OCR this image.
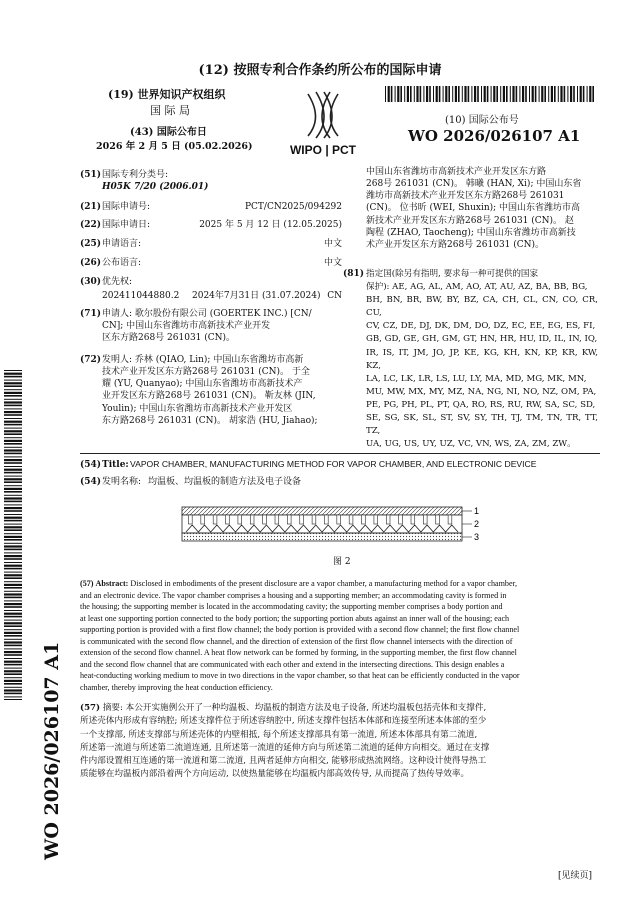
(12) 按照专利合作条约所公布的国际申请
(19) 世界知识产权组织
国 际 局
(43) 国际公布日
2026 年 2 月 5 日 (05.02.2026)	WIPO | PCT
(10) 国际公布号
WO 2026/026107 A1
WO 2026/026107 A1
(51) 国际专利分类号:
H05K 7/20 (2006.01)
(21) 国际申请号:	PCT/CN2025/094292
(22) 国际申请日:	2025 年 5 月 12 日 (12.05.2025)
(25) 申请语言:	中文
(26) 公布语言:	中文
(30) 优先权:
202411044880.2 2024年7月31日 (31.07.2024) CN
(71) 申请人: 歌尔股份有限公司 (GOERTEK INC.) [CN/
CN]; 中国山东省潍坊市高新技术产业开发
区东方路268号 261031 (CN)。
(72) 发明人: 乔林 (QIAO, Lin); 中国山东省潍坊市高新
技术产业开发区东方路268号 261031 (CN)。 于全
耀 (YU, Quanyao); 中国山东省潍坊市高新技术产
业开发区东方路268号 261031 (CN)。 靳友林 (JIN,
Youlin); 中国山东省潍坊市高新技术产业开发区
东方路268号 261031 (CN)。 胡家浩 (HU, Jiahao);
中国山东省潍坊市高新技术产业开发区东方路
268号 261031 (CN)。 韩曦 (HAN, Xi); 中国山东省
潍坊市高新技术产业开发区东方路268号 261031
(CN)。 位书昕 (WEI, Shuxin); 中国山东省潍坊市高
新技术产业开发区东方路268号 261031 (CN)。 赵
陶程 (ZHAO, Taocheng); 中国山东省潍坊市高新技
术产业开发区东方路268号 261031 (CN)。
(81) 指定国(除另有指明, 要求每一种可提供的国家
保护): AE, AG, AL, AM, AO, AT, AU, AZ, BA, BB, BG,
BH, BN, BR, BW, BY, BZ, CA, CH, CL, CN, CO, CR, CU,
CV, CZ, DE, DJ, DK, DM, DO, DZ, EC, EE, EG, ES, FI,
GB, GD, GE, GH, GM, GT, HN, HR, HU, ID, IL, IN, IQ,
IR, IS, IT, JM, JO, JP, KE, KG, KH, KN, KP, KR, KW, KZ,
LA, LC, LK, LR, LS, LU, LY, MA, MD, MG, MK, MN,
MU, MW, MX, MY, MZ, NA, NG, NI, NO, NZ, OM, PA,
PE, PG, PH, PL, PT, QA, RO, RS, RU, RW, SA, SC, SD,
SE, SG, SK, SL, ST, SV, SY, TH, TJ, TM, TN, TR, TT, TZ,
UA, UG, US, UY, UZ, VC, VN, WS, ZA, ZM, ZW。
(54) Title: VAPOR CHAMBER, MANUFACTURING METHOD FOR VAPOR CHAMBER, AND ELECTRONIC DEVICE
(54) 发明名称: 均温板、均温板的制造方法及电子设备
1
2
3
图 2
(57) Abstract: Disclosed in embodiments of the present disclosure are a vapor chamber, a manufacturing method for a vapor chamber,
and an electronic device. The vapor chamber comprises a housing and a supporting member; an accommodating cavity is formed in
the housing; the supporting member is located in the accommodating cavity; the supporting member comprises a body portion and
at least one supporting portion connected to the body portion; the supporting portion abuts against an inner wall of the housing; each
supporting portion is provided with a first flow channel; the body portion is provided with a second flow channel; the first flow channel
is communicated with the second flow channel, and the direction of extension of the first flow channel intersects with the direction of
extension of the second flow channel. A heat flow network can be formed by forming, in the supporting member, the first flow channel
and the second flow channel that are communicated with each other and extend in the intersecting directions. This design enables a
heat-conducting working medium to move in two directions in the vapor chamber, so that heat can be efficiently conducted in the vapor
chamber, thereby improving the heat conduction efficiency.
(57) 摘要: 本公开实施例公开了一种均温板、均温板的制造方法及电子设备, 所述均温板包括壳体和支撑件,
所述壳体内形成有容纳腔; 所述支撑件位于所述容纳腔中, 所述支撑件包括本体部和连接至所述本体部的至少
一个支撑部, 所述支撑部与所述壳体的内壁相抵, 每个所述支撑部具有第一流道, 所述本体部具有第二流道,
所述第一流道与所述第二流道连通, 且所述第一流道的延伸方向与所述第二流道的延伸方向相交。通过在支撑
件内部设置相互连通的第一流道和第二流道, 且两者延伸方向相交, 能够形成热流网络。这种设计使得导热工
质能够在均温板内部沿着两个方向运动, 以使热量能够在均温板内部高效传导, 从而提高了热传导效率。
[见续页]
